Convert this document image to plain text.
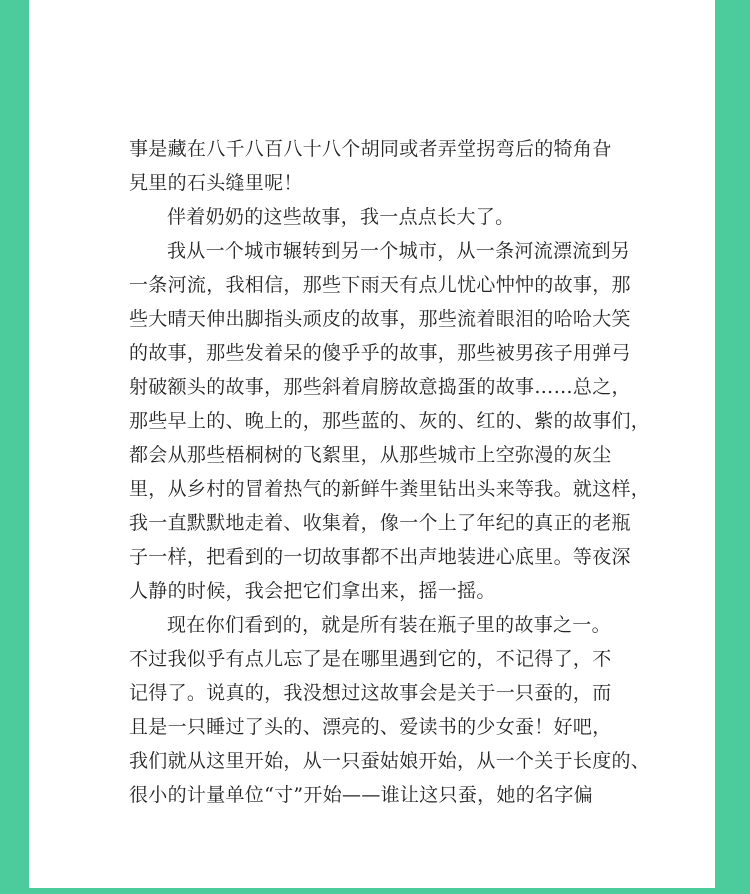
事是藏在八千八百八十八个胡同或者弄堂拐弯后的犄角旮
旯里的石头缝里呢！
伴着奶奶的这些故事，我一点点长大了。
我从一个城市辗转到另一个城市，从一条河流漂流到另
一条河流，我相信，那些下雨天有点儿忧心忡忡的故事，那
些大晴天伸出脚指头顽皮的故事，那些流着眼泪的哈哈大笑
的故事，那些发着呆的傻乎乎的故事，那些被男孩子用弹弓
射破额头的故事，那些斜着肩膀故意捣蛋的故事……总之，
那些早上的、晚上的，那些蓝的、灰的、红的、紫的故事们，
都会从那些梧桐树的飞絮里，从那些城市上空弥漫的灰尘
里，从乡村的冒着热气的新鲜牛粪里钻出头来等我。就这样，
我一直默默地走着、收集着，像一个上了年纪的真正的老瓶
子一样，把看到的一切故事都不出声地装进心底里。等夜深
人静的时候，我会把它们拿出来，摇一摇。
现在你们看到的，就是所有装在瓶子里的故事之一。
不过我似乎有点儿忘了是在哪里遇到它的，不记得了，不
记得了。说真的，我没想过这故事会是关于一只蚕的，而
且是一只睡过了头的、漂亮的、爱读书的少女蚕！好吧，
我们就从这里开始，从一只蚕姑娘开始，从一个关于长度的、
很小的计量单位“寸”开始——谁让这只蚕，她的名字偏
